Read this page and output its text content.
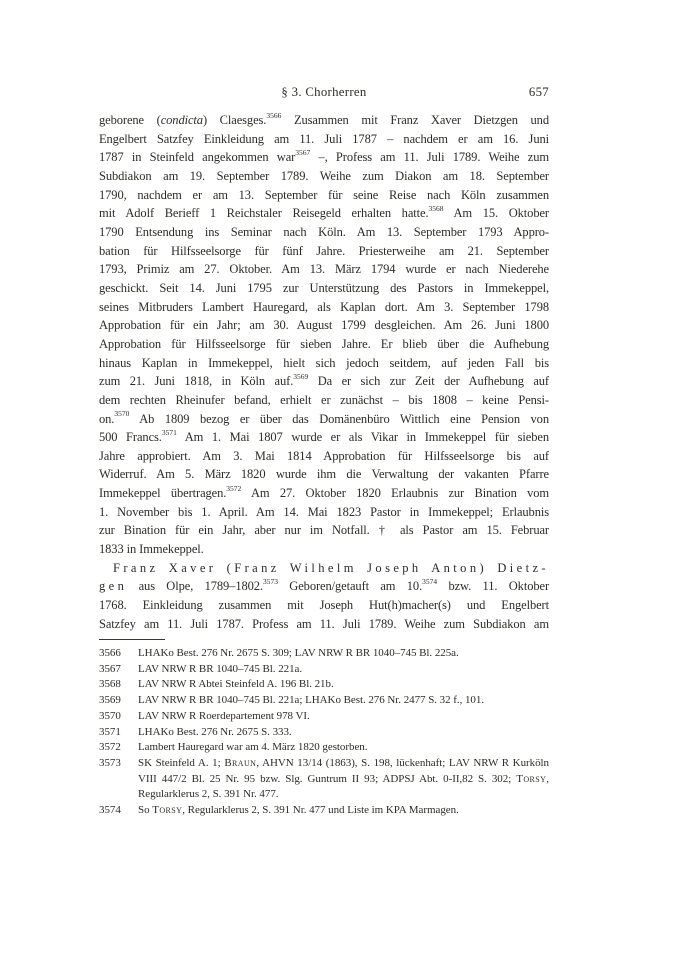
§ 3. Chorherren	657
geborene (condicta) Claesges.$^{3566}$ Zusammen mit Franz Xaver Dietzgen und
Engelbert Satzfey Einkleidung am 11. Juli 1787 – nachdem er am 16. Juni
1787 in Steinfeld angekommen war$^{3567}$ –, Profess am 11. Juli 1789. Weihe zum
Subdiakon am 19. September 1789. Weihe zum Diakon am 18. September
1790, nachdem er am 13. September für seine Reise nach Köln zusammen
mit Adolf Berieff 1 Reichstaler Reisegeld erhalten hatte.$^{3568}$ Am 15. Oktober
1790 Entsendung ins Seminar nach Köln. Am 13. September 1793 Appro-
bation für Hilfsseelsorge für fünf Jahre. Priesterweihe am 21. September
1793, Primiz am 27. Oktober. Am 13. März 1794 wurde er nach Niederehe
geschickt. Seit 14. Juni 1795 zur Unterstützung des Pastors in Immekeppel,
seines Mitbruders Lambert Hauregard, als Kaplan dort. Am 3. September 1798
Approbation für ein Jahr; am 30. August 1799 desgleichen. Am 26. Juni 1800
Approbation für Hilfsseelsorge für sieben Jahre. Er blieb über die Aufhebung
hinaus Kaplan in Immekeppel, hielt sich jedoch seitdem, auf jeden Fall bis
zum 21. Juni 1818, in Köln auf.$^{3569}$ Da er sich zur Zeit der Aufhebung auf
dem rechten Rheinufer befand, erhielt er zunächst – bis 1808 – keine Pensi-
on.$^{3570}$ Ab 1809 bezog er über das Domänenbüro Wittlich eine Pension von
500 Francs.$^{3571}$ Am 1. Mai 1807 wurde er als Vikar in Immekeppel für sieben
Jahre approbiert. Am 3. Mai 1814 Approbation für Hilfsseelsorge bis auf
Widerruf. Am 5. März 1820 wurde ihm die Verwaltung der vakanten Pfarre
Immekeppel übertragen.$^{3572}$ Am 27. Oktober 1820 Erlaubnis zur Bination vom
1. November bis 1. April. Am 14. Mai 1823 Pastor in Immekeppel; Erlaubnis
zur Bination für ein Jahr, aber nur im Notfall. † als Pastor am 15. Februar
1833 in Immekeppel.
Franz Xaver (Franz Wilhelm Joseph Anton) Dietz-
gen aus Olpe, 1789–1802.$^{3573}$ Geboren/getauft am 10.$^{3574}$ bzw. 11. Oktober
1768. Einkleidung zusammen mit Joseph Hut(h)macher(s) und Engelbert
Satzfey am 11. Juli 1787. Profess am 11. Juli 1789. Weihe zum Subdiakon am
3566	LHAKo Best. 276 Nr. 2675 S. 309; LAV NRW R BR 1040–745 Bl. 225a.
3567	LAV NRW R BR 1040–745 Bl. 221a.
3568	LAV NRW R Abtei Steinfeld A. 196 Bl. 21b.
3569	LAV NRW R BR 1040–745 Bl. 221a; LHAKo Best. 276 Nr. 2477 S. 32 f., 101.
3570	LAV NRW R Roerdepartement 978 VI.
3571	LHAKo Best. 276 Nr. 2675 S. 333.
3572	Lambert Hauregard war am 4. März 1820 gestorben.
3573	SK Steinfeld A. 1; Braun, AHVN 13/14 (1863), S. 198, lückenhaft; LAV NRW R Kurköln VIII 447/2 Bl. 25 Nr. 95 bzw. Slg. Guntrum II 93; ADPSJ Abt. 0-II,82 S. 302; Torsy, Regularklerus 2, S. 391 Nr. 477.
3574	So Torsy, Regularklerus 2, S. 391 Nr. 477 und Liste im KPA Marmagen.
